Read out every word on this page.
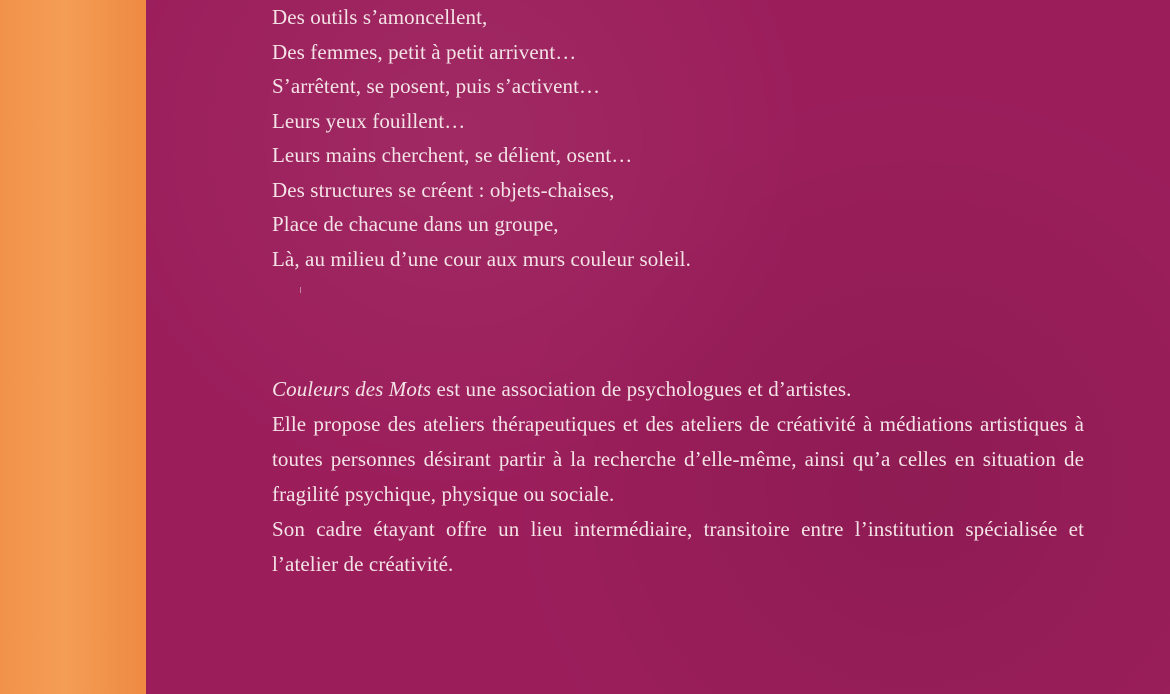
Des outils s’amoncellent,
Des femmes, petit à petit arrivent…
S’arrêtent, se posent, puis s’activent…
Leurs yeux fouillent…
Leurs mains cherchent, se délient, osent…
Des structures se créent : objets-chaises,
Place de chacune dans un groupe,
Là, au milieu d’une cour aux murs couleur soleil.

Couleurs des Mots est une association de psychologues et d’artistes.

Elle propose des ateliers thérapeutiques et des ateliers de créativité à médiations artistiques à toutes personnes désirant partir à la recherche d’elle-même, ainsi qu’a celles en situation de fragilité psychique, physique ou sociale.

Son cadre étayant offre un lieu intermédiaire, transitoire entre l’institution spécialisée et l’atelier de créativité.
